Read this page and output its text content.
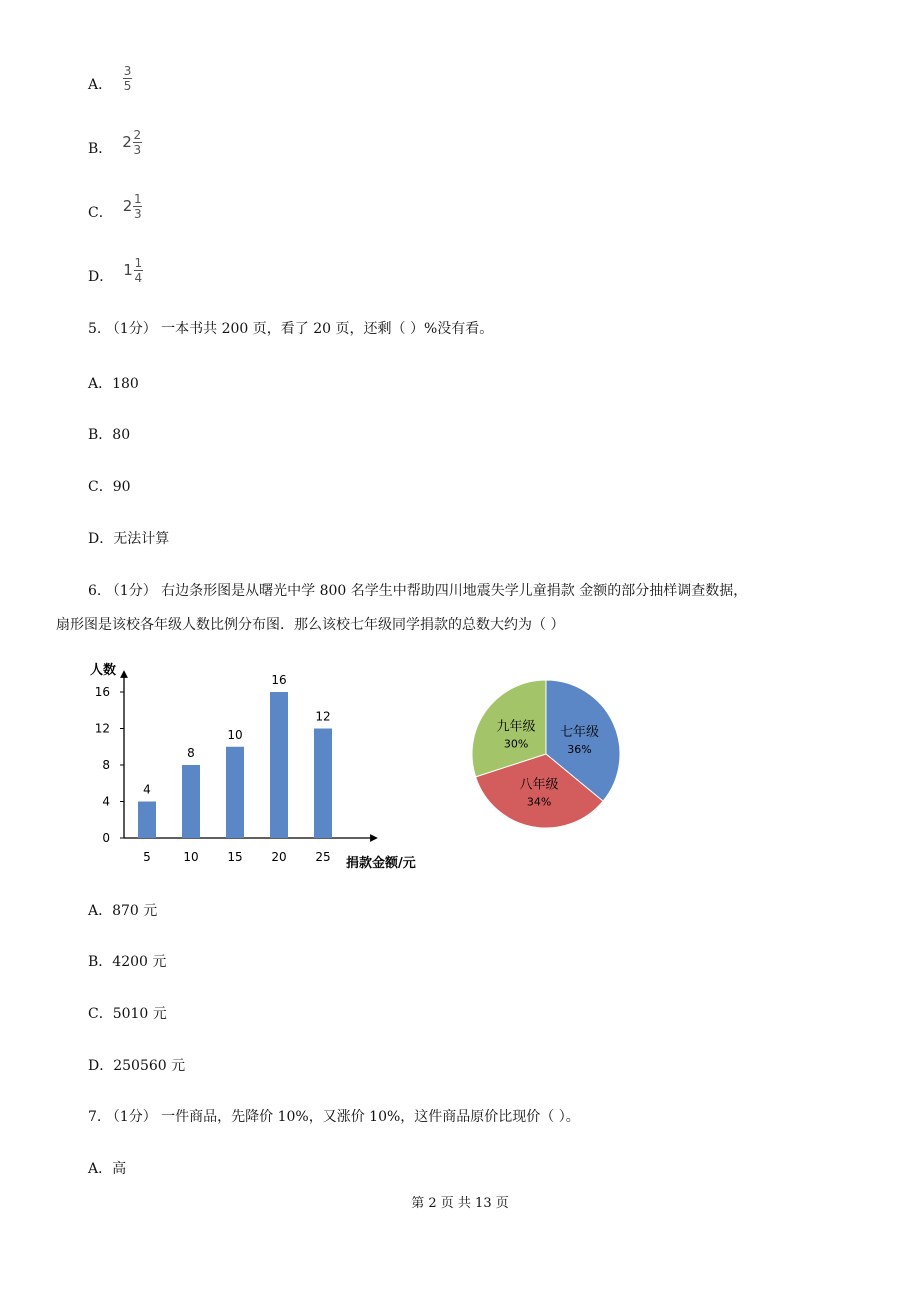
A． $\frac{3}{5}$
B． $2 \frac{2}{3}$
C． $2 \frac{1}{3}$
D． $1 \frac{1}{4}$
5. （1分） 一本书共 200 页，看了 20 页，还剩（ ）%没有看。
A．180
B．80
C．90
D．无法计算
6. （1分） 右边条形图是从曙光中学 800 名学生中帮助四川地震失学儿童捐款 金额的部分抽样调查数据，
扇形图是该校各年级人数比例分布图．那么该校七年级同学捐款的总数大约为（ ）
人数
0
4
8
12
16
4
8
10
16
12
5	10 15 20 25 捐款金额/元
七年级
36%
八年级
34%
九年级
30%
A．870 元
B．4200 元
C．5010 元
D．250560 元
7. （1分） 一件商品，先降价 10%，又涨价 10%，这件商品原价比现价（ ）。
A．高
第 2 页 共 13 页
